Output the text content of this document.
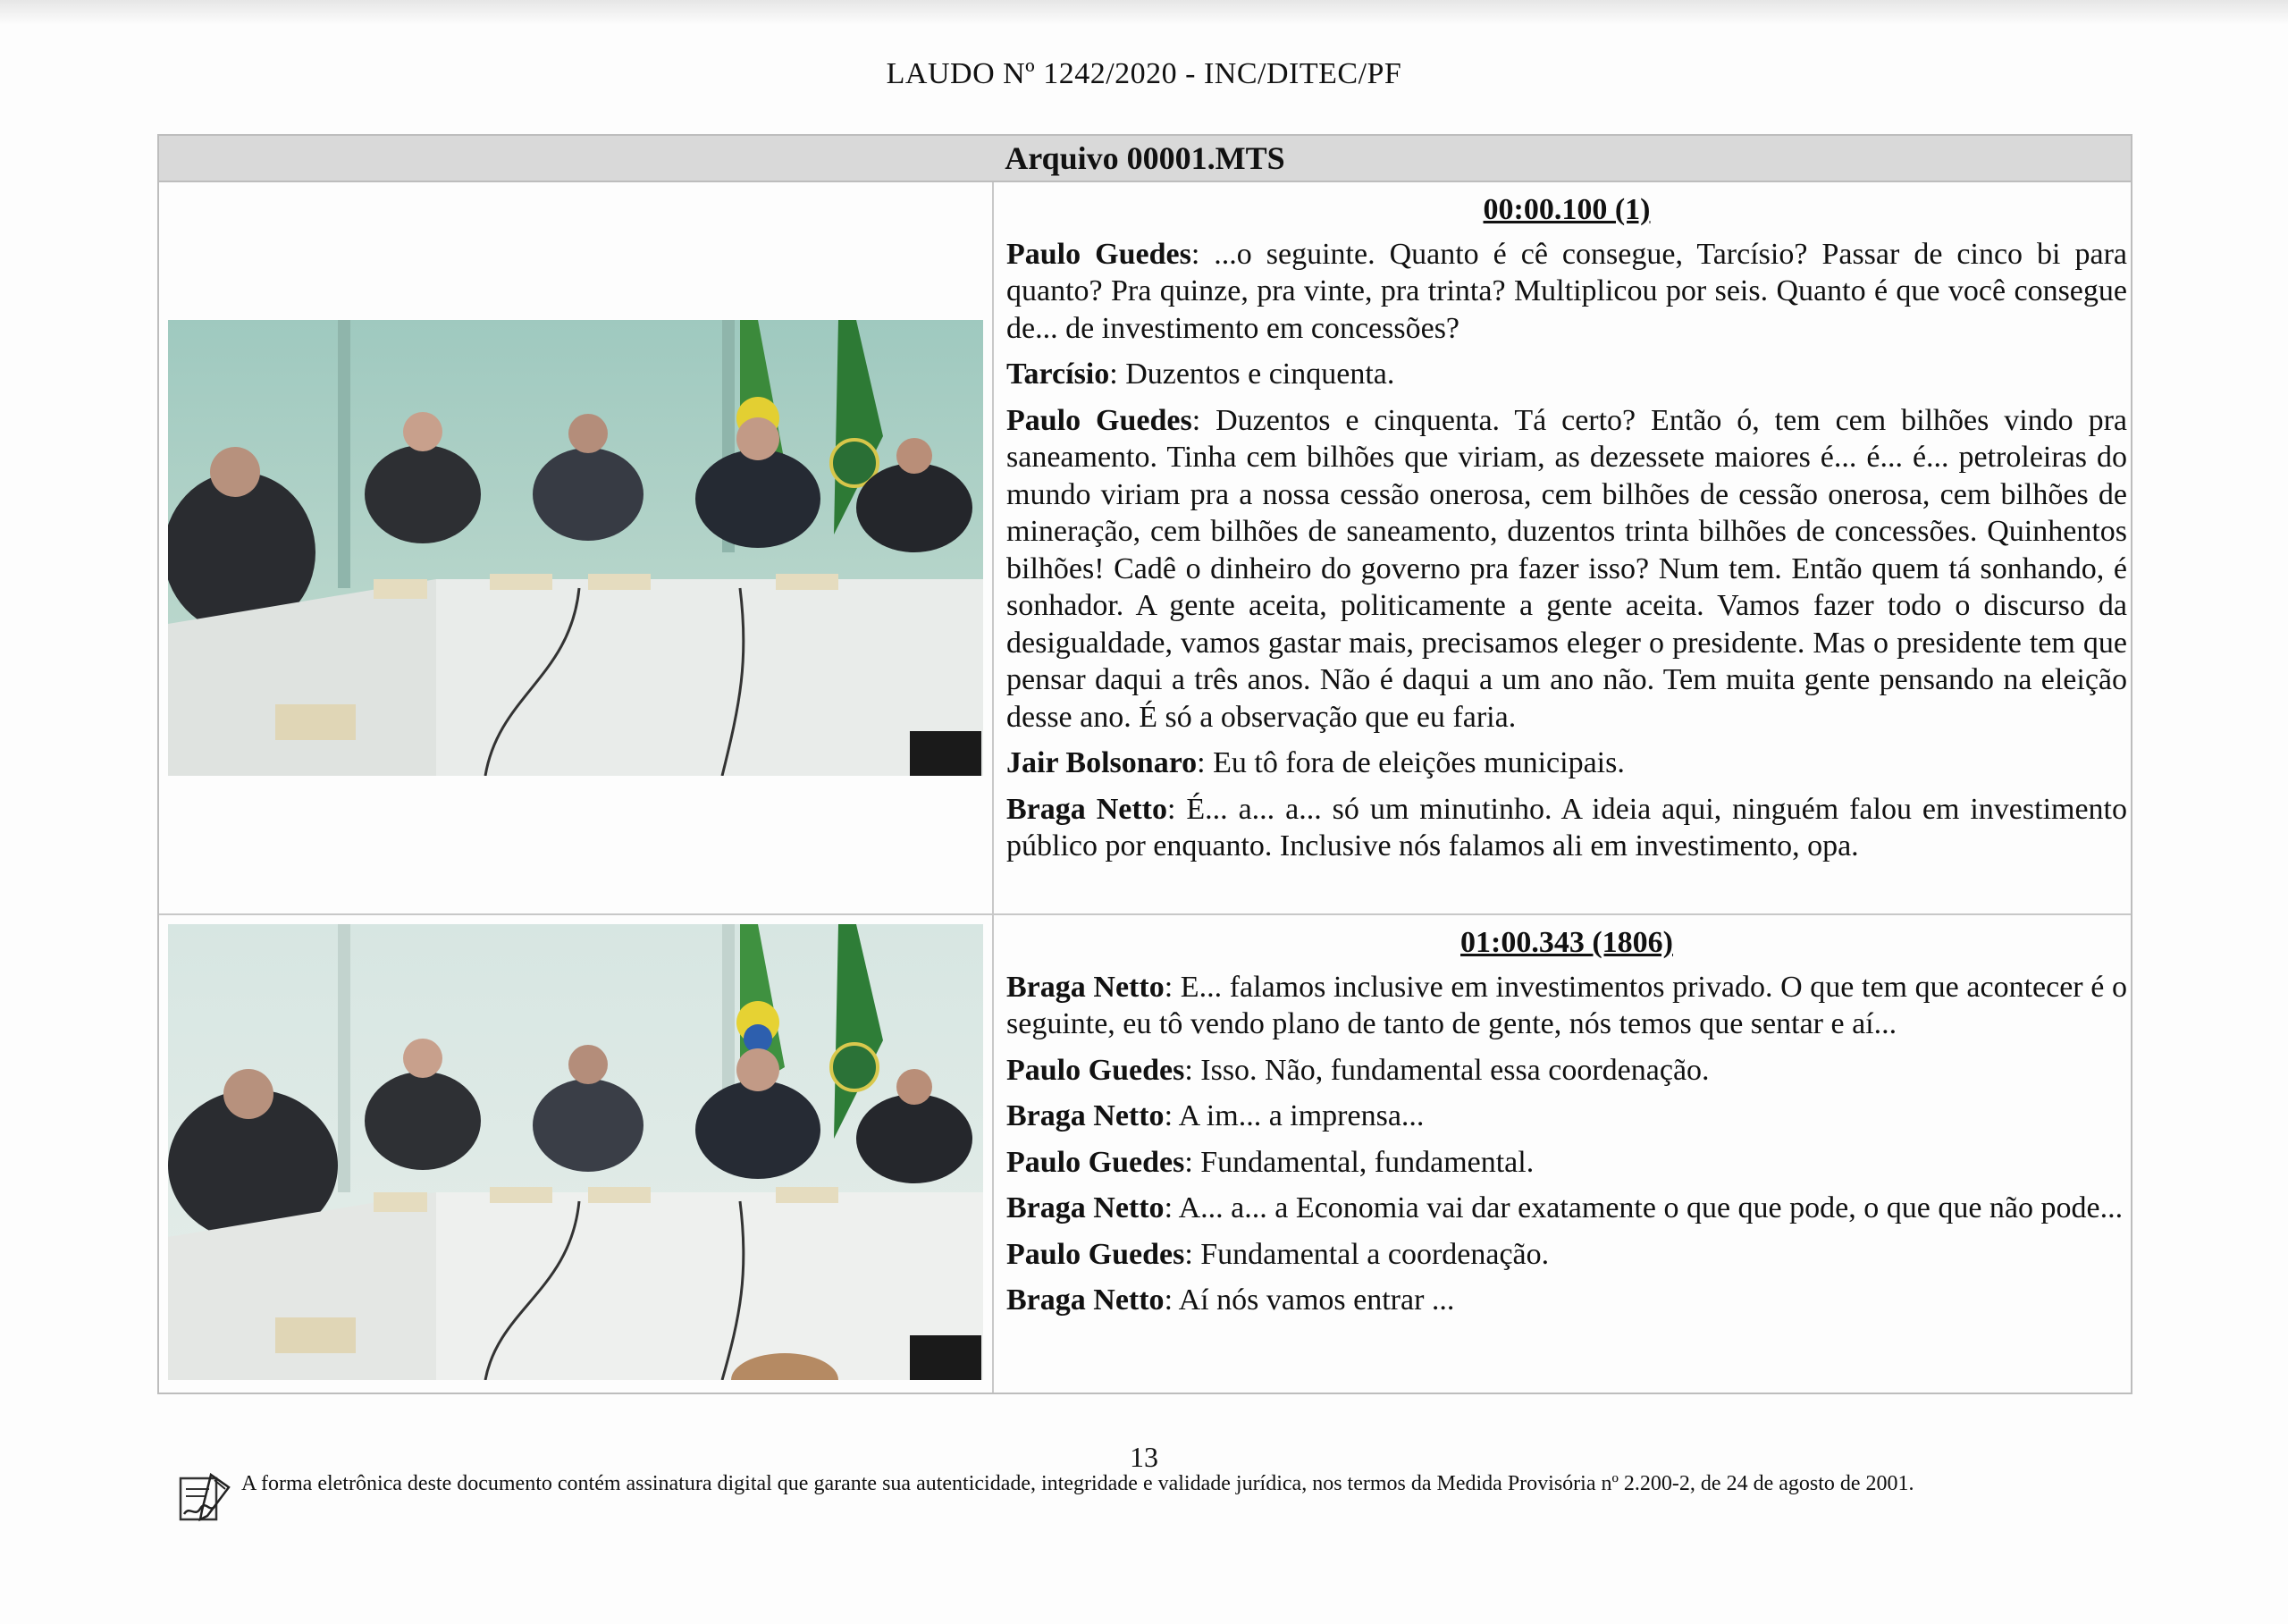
LAUDO Nº 1242/2020 - INC/DITEC/PF
Arquivo 00001.MTS
00:00.100 (1)

Paulo Guedes: ...o seguinte. Quanto é cê consegue, Tarcísio? Passar de cinco bi para quanto? Pra quinze, pra vinte, pra trinta? Multiplicou por seis. Quanto é que você consegue de... de investimento em concessões?

Tarcísio: Duzentos e cinquenta.

Paulo Guedes: Duzentos e cinquenta. Tá certo? Então ó, tem cem bilhões vindo pra saneamento. Tinha cem bilhões que viriam, as dezessete maiores é... é... é... petroleiras do mundo viriam pra a nossa cessão onerosa, cem bilhões de cessão onerosa, cem bilhões de mineração, cem bilhões de saneamento, duzentos trinta bilhões de concessões. Quinhentos bilhões! Cadê o dinheiro do governo pra fazer isso? Num tem. Então quem tá sonhando, é sonhador. A gente aceita, politicamente a gente aceita. Vamos fazer todo o discurso da desigualdade, vamos gastar mais, precisamos eleger o presidente. Mas o presidente tem que pensar daqui a três anos. Não é daqui a um ano não. Tem muita gente pensando na eleição desse ano. É só a observação que eu faria.

Jair Bolsonaro: Eu tô fora de eleições municipais.

Braga Netto: É... a... a... só um minutinho. A ideia aqui, ninguém falou em investimento público por enquanto. Inclusive nós falamos ali em investimento, opa.

01:00.343 (1806)

Braga Netto: E... falamos inclusive em investimentos privado. O que tem que acontecer é o seguinte, eu tô vendo plano de tanto de gente, nós temos que sentar e aí...

Paulo Guedes: Isso. Não, fundamental essa coordenação.

Braga Netto: A im... a imprensa...

Paulo Guedes: Fundamental, fundamental.

Braga Netto: A... a... a Economia vai dar exatamente o que que pode, o que que não pode...

Paulo Guedes: Fundamental a coordenação.

Braga Netto: Aí nós vamos entrar ...

13
A forma eletrônica deste documento contém assinatura digital que garante sua autenticidade, integridade e validade jurídica, nos termos da Medida Provisória nº 2.200-2, de 24 de agosto de 2001.
